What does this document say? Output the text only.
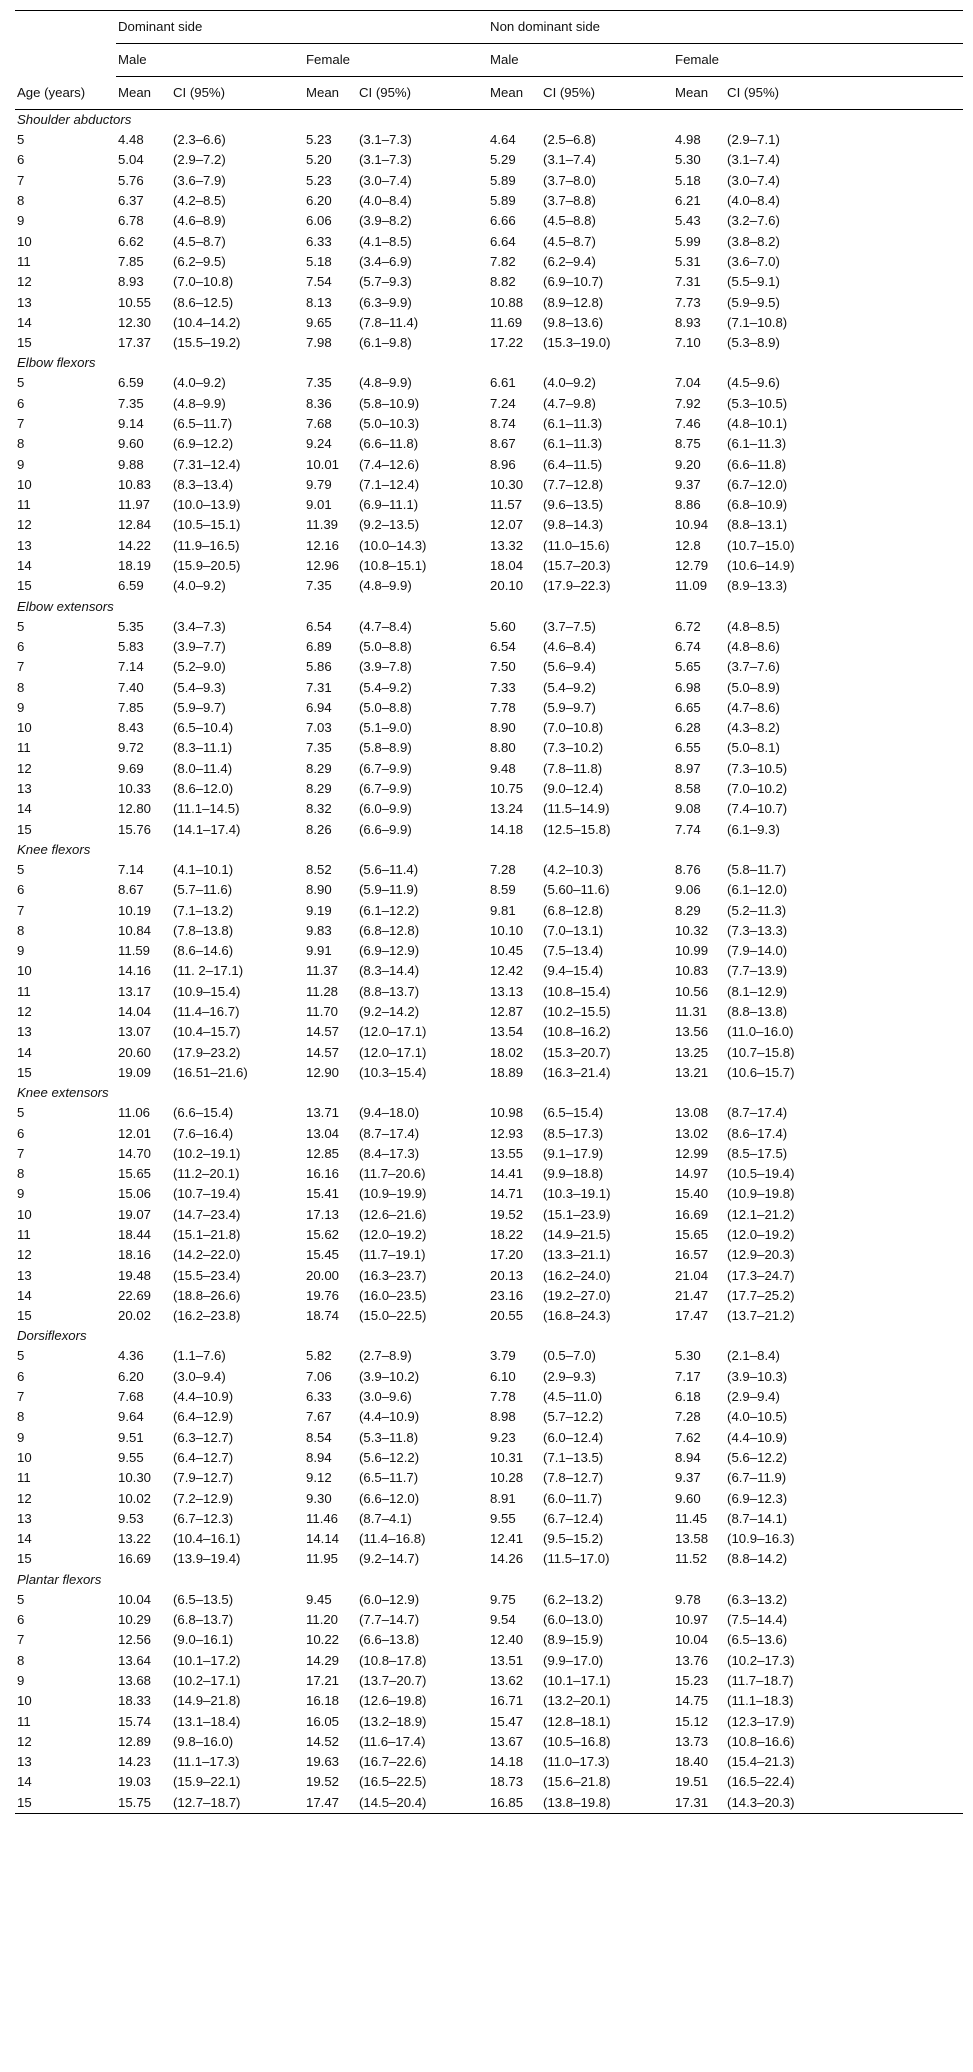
	Dominant side				Non dominant side			
	Male		Female		Male		Female	
Age (years)	Mean	CI (95%)	Mean	CI (95%)	Mean	CI (95%)	Mean	CI (95%)
Shoulder abductors								
5	4.48	(2.3–6.6)	5.23	(3.1–7.3)	4.64	(2.5–6.8)	4.98	(2.9–7.1)
6	5.04	(2.9–7.2)	5.20	(3.1–7.3)	5.29	(3.1–7.4)	5.30	(3.1–7.4)
7	5.76	(3.6–7.9)	5.23	(3.0–7.4)	5.89	(3.7–8.0)	5.18	(3.0–7.4)
8	6.37	(4.2–8.5)	6.20	(4.0–8.4)	5.89	(3.7–8.8)	6.21	(4.0–8.4)
9	6.78	(4.6–8.9)	6.06	(3.9–8.2)	6.66	(4.5–8.8)	5.43	(3.2–7.6)
10	6.62	(4.5–8.7)	6.33	(4.1–8.5)	6.64	(4.5–8.7)	5.99	(3.8–8.2)
11	7.85	(6.2–9.5)	5.18	(3.4–6.9)	7.82	(6.2–9.4)	5.31	(3.6–7.0)
12	8.93	(7.0–10.8)	7.54	(5.7–9.3)	8.82	(6.9–10.7)	7.31	(5.5–9.1)
13	10.55	(8.6–12.5)	8.13	(6.3–9.9)	10.88	(8.9–12.8)	7.73	(5.9–9.5)
14	12.30	(10.4–14.2)	9.65	(7.8–11.4)	11.69	(9.8–13.6)	8.93	(7.1–10.8)
15	17.37	(15.5–19.2)	7.98	(6.1–9.8)	17.22	(15.3–19.0)	7.10	(5.3–8.9)
Elbow flexors								
5	6.59	(4.0–9.2)	7.35	(4.8–9.9)	6.61	(4.0–9.2)	7.04	(4.5–9.6)
6	7.35	(4.8–9.9)	8.36	(5.8–10.9)	7.24	(4.7–9.8)	7.92	(5.3–10.5)
7	9.14	(6.5–11.7)	7.68	(5.0–10.3)	8.74	(6.1–11.3)	7.46	(4.8–10.1)
8	9.60	(6.9–12.2)	9.24	(6.6–11.8)	8.67	(6.1–11.3)	8.75	(6.1–11.3)
9	9.88	(7.31–12.4)	10.01	(7.4–12.6)	8.96	(6.4–11.5)	9.20	(6.6–11.8)
10	10.83	(8.3–13.4)	9.79	(7.1–12.4)	10.30	(7.7–12.8)	9.37	(6.7–12.0)
11	11.97	(10.0–13.9)	9.01	(6.9–11.1)	11.57	(9.6–13.5)	8.86	(6.8–10.9)
12	12.84	(10.5–15.1)	11.39	(9.2–13.5)	12.07	(9.8–14.3)	10.94	(8.8–13.1)
13	14.22	(11.9–16.5)	12.16	(10.0–14.3)	13.32	(11.0–15.6)	12.8	(10.7–15.0)
14	18.19	(15.9–20.5)	12.96	(10.8–15.1)	18.04	(15.7–20.3)	12.79	(10.6–14.9)
15	6.59	(4.0–9.2)	7.35	(4.8–9.9)	20.10	(17.9–22.3)	11.09	(8.9–13.3)
Elbow extensors								
5	5.35	(3.4–7.3)	6.54	(4.7–8.4)	5.60	(3.7–7.5)	6.72	(4.8–8.5)
6	5.83	(3.9–7.7)	6.89	(5.0–8.8)	6.54	(4.6–8.4)	6.74	(4.8–8.6)
7	7.14	(5.2–9.0)	5.86	(3.9–7.8)	7.50	(5.6–9.4)	5.65	(3.7–7.6)
8	7.40	(5.4–9.3)	7.31	(5.4–9.2)	7.33	(5.4–9.2)	6.98	(5.0–8.9)
9	7.85	(5.9–9.7)	6.94	(5.0–8.8)	7.78	(5.9–9.7)	6.65	(4.7–8.6)
10	8.43	(6.5–10.4)	7.03	(5.1–9.0)	8.90	(7.0–10.8)	6.28	(4.3–8.2)
11	9.72	(8.3–11.1)	7.35	(5.8–8.9)	8.80	(7.3–10.2)	6.55	(5.0–8.1)
12	9.69	(8.0–11.4)	8.29	(6.7–9.9)	9.48	(7.8–11.8)	8.97	(7.3–10.5)
13	10.33	(8.6–12.0)	8.29	(6.7–9.9)	10.75	(9.0–12.4)	8.58	(7.0–10.2)
14	12.80	(11.1–14.5)	8.32	(6.0–9.9)	13.24	(11.5–14.9)	9.08	(7.4–10.7)
15	15.76	(14.1–17.4)	8.26	(6.6–9.9)	14.18	(12.5–15.8)	7.74	(6.1–9.3)
Knee flexors								
5	7.14	(4.1–10.1)	8.52	(5.6–11.4)	7.28	(4.2–10.3)	8.76	(5.8–11.7)
6	8.67	(5.7–11.6)	8.90	(5.9–11.9)	8.59	(5.60–11.6)	9.06	(6.1–12.0)
7	10.19	(7.1–13.2)	9.19	(6.1–12.2)	9.81	(6.8–12.8)	8.29	(5.2–11.3)
8	10.84	(7.8–13.8)	9.83	(6.8–12.8)	10.10	(7.0–13.1)	10.32	(7.3–13.3)
9	11.59	(8.6–14.6)	9.91	(6.9–12.9)	10.45	(7.5–13.4)	10.99	(7.9–14.0)
10	14.16	(11. 2–17.1)	11.37	(8.3–14.4)	12.42	(9.4–15.4)	10.83	(7.7–13.9)
11	13.17	(10.9–15.4)	11.28	(8.8–13.7)	13.13	(10.8–15.4)	10.56	(8.1–12.9)
12	14.04	(11.4–16.7)	11.70	(9.2–14.2)	12.87	(10.2–15.5)	11.31	(8.8–13.8)
13	13.07	(10.4–15.7)	14.57	(12.0–17.1)	13.54	(10.8–16.2)	13.56	(11.0–16.0)
14	20.60	(17.9–23.2)	14.57	(12.0–17.1)	18.02	(15.3–20.7)	13.25	(10.7–15.8)
15	19.09	(16.51–21.6)	12.90	(10.3–15.4)	18.89	(16.3–21.4)	13.21	(10.6–15.7)
Knee extensors								
5	11.06	(6.6–15.4)	13.71	(9.4–18.0)	10.98	(6.5–15.4)	13.08	(8.7–17.4)
6	12.01	(7.6–16.4)	13.04	(8.7–17.4)	12.93	(8.5–17.3)	13.02	(8.6–17.4)
7	14.70	(10.2–19.1)	12.85	(8.4–17.3)	13.55	(9.1–17.9)	12.99	(8.5–17.5)
8	15.65	(11.2–20.1)	16.16	(11.7–20.6)	14.41	(9.9–18.8)	14.97	(10.5–19.4)
9	15.06	(10.7–19.4)	15.41	(10.9–19.9)	14.71	(10.3–19.1)	15.40	(10.9–19.8)
10	19.07	(14.7–23.4)	17.13	(12.6–21.6)	19.52	(15.1–23.9)	16.69	(12.1–21.2)
11	18.44	(15.1–21.8)	15.62	(12.0–19.2)	18.22	(14.9–21.5)	15.65	(12.0–19.2)
12	18.16	(14.2–22.0)	15.45	(11.7–19.1)	17.20	(13.3–21.1)	16.57	(12.9–20.3)
13	19.48	(15.5–23.4)	20.00	(16.3–23.7)	20.13	(16.2–24.0)	21.04	(17.3–24.7)
14	22.69	(18.8–26.6)	19.76	(16.0–23.5)	23.16	(19.2–27.0)	21.47	(17.7–25.2)
15	20.02	(16.2–23.8)	18.74	(15.0–22.5)	20.55	(16.8–24.3)	17.47	(13.7–21.2)
Dorsiflexors								
5	4.36	(1.1–7.6)	5.82	(2.7–8.9)	3.79	(0.5–7.0)	5.30	(2.1–8.4)
6	6.20	(3.0–9.4)	7.06	(3.9–10.2)	6.10	(2.9–9.3)	7.17	(3.9–10.3)
7	7.68	(4.4–10.9)	6.33	(3.0–9.6)	7.78	(4.5–11.0)	6.18	(2.9–9.4)
8	9.64	(6.4–12.9)	7.67	(4.4–10.9)	8.98	(5.7–12.2)	7.28	(4.0–10.5)
9	9.51	(6.3–12.7)	8.54	(5.3–11.8)	9.23	(6.0–12.4)	7.62	(4.4–10.9)
10	9.55	(6.4–12.7)	8.94	(5.6–12.2)	10.31	(7.1–13.5)	8.94	(5.6–12.2)
11	10.30	(7.9–12.7)	9.12	(6.5–11.7)	10.28	(7.8–12.7)	9.37	(6.7–11.9)
12	10.02	(7.2–12.9)	9.30	(6.6–12.0)	8.91	(6.0–11.7)	9.60	(6.9–12.3)
13	9.53	(6.7–12.3)	11.46	(8.7–4.1)	9.55	(6.7–12.4)	11.45	(8.7–14.1)
14	13.22	(10.4–16.1)	14.14	(11.4–16.8)	12.41	(9.5–15.2)	13.58	(10.9–16.3)
15	16.69	(13.9–19.4)	11.95	(9.2–14.7)	14.26	(11.5–17.0)	11.52	(8.8–14.2)
Plantar flexors								
5	10.04	(6.5–13.5)	9.45	(6.0–12.9)	9.75	(6.2–13.2)	9.78	(6.3–13.2)
6	10.29	(6.8–13.7)	11.20	(7.7–14.7)	9.54	(6.0–13.0)	10.97	(7.5–14.4)
7	12.56	(9.0–16.1)	10.22	(6.6–13.8)	12.40	(8.9–15.9)	10.04	(6.5–13.6)
8	13.64	(10.1–17.2)	14.29	(10.8–17.8)	13.51	(9.9–17.0)	13.76	(10.2–17.3)
9	13.68	(10.2–17.1)	17.21	(13.7–20.7)	13.62	(10.1–17.1)	15.23	(11.7–18.7)
10	18.33	(14.9–21.8)	16.18	(12.6–19.8)	16.71	(13.2–20.1)	14.75	(11.1–18.3)
11	15.74	(13.1–18.4)	16.05	(13.2–18.9)	15.47	(12.8–18.1)	15.12	(12.3–17.9)
12	12.89	(9.8–16.0)	14.52	(11.6–17.4)	13.67	(10.5–16.8)	13.73	(10.8–16.6)
13	14.23	(11.1–17.3)	19.63	(16.7–22.6)	14.18	(11.0–17.3)	18.40	(15.4–21.3)
14	19.03	(15.9–22.1)	19.52	(16.5–22.5)	18.73	(15.6–21.8)	19.51	(16.5–22.4)
15	15.75	(12.7–18.7)	17.47	(14.5–20.4)	16.85	(13.8–19.8)	17.31	(14.3–20.3)
